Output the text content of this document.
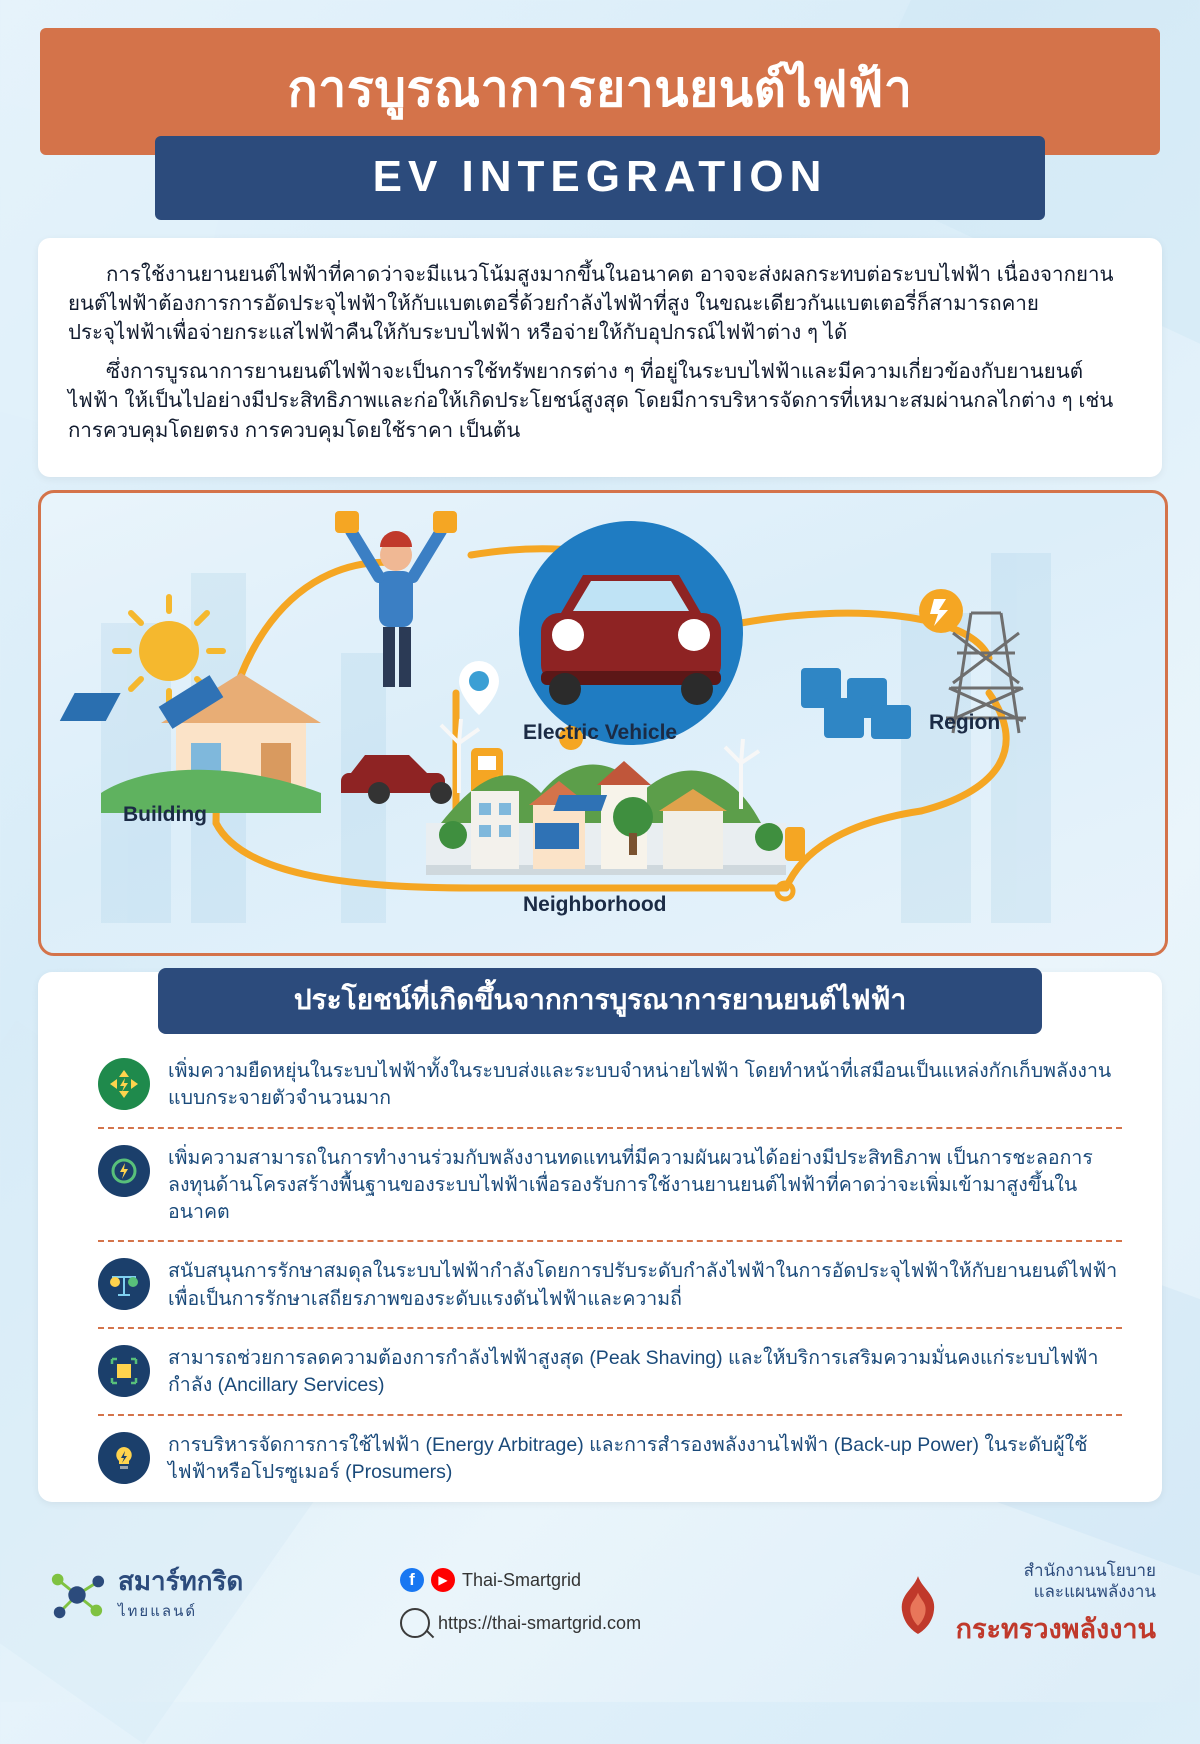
การบูรณาการยานยนต์ไฟฟ้า
EV INTEGRATION

การใช้งานยานยนต์ไฟฟ้าที่คาดว่าจะมีแนวโน้มสูงมากขึ้นในอนาคต อาจจะส่งผลกระทบต่อระบบไฟฟ้า เนื่องจากยานยนต์ไฟฟ้าต้องการการอัดประจุไฟฟ้าให้กับแบตเตอรี่ด้วยกำลังไฟฟ้าที่สูง ในขณะเดียวกันแบตเตอรี่ก็สามารถคายประจุไฟฟ้าเพื่อจ่ายกระแสไฟฟ้าคืนให้กับระบบไฟฟ้า หรือจ่ายให้กับอุปกรณ์ไฟฟ้าต่าง ๆ ได้

ซึ่งการบูรณาการยานยนต์ไฟฟ้าจะเป็นการใช้ทรัพยากรต่าง ๆ ที่อยู่ในระบบไฟฟ้าและมีความเกี่ยวข้องกับยานยนต์ไฟฟ้า ให้เป็นไปอย่างมีประสิทธิภาพและก่อให้เกิดประโยชน์สูงสุด โดยมีการบริหารจัดการที่เหมาะสมผ่านกลไกต่าง ๆ เช่น การควบคุมโดยตรง การควบคุมโดยใช้ราคา เป็นต้น

Electric Vehicle
Building
Region
Neighborhood
ประโยชน์ที่เกิดขึ้นจากการบูรณาการยานยนต์ไฟฟ้า
เพิ่มความยืดหยุ่นในระบบไฟฟ้าทั้งในระบบส่งและระบบจำหน่ายไฟฟ้า โดยทำหน้าที่เสมือนเป็นแหล่งกักเก็บพลังงานแบบกระจายตัวจำนวนมาก
เพิ่มความสามารถในการทำงานร่วมกับพลังงานทดแทนที่มีความผันผวนได้อย่างมีประสิทธิภาพ เป็นการชะลอการลงทุนด้านโครงสร้างพื้นฐานของระบบไฟฟ้าเพื่อรองรับการใช้งานยานยนต์ไฟฟ้าที่คาดว่าจะเพิ่มเข้ามาสูงขึ้นในอนาคต
สนับสนุนการรักษาสมดุลในระบบไฟฟ้ากำลังโดยการปรับระดับกำลังไฟฟ้าในการอัดประจุไฟฟ้าให้กับยานยนต์ไฟฟ้าเพื่อเป็นการรักษาเสถียรภาพของระดับแรงดันไฟฟ้าและความถี่
สามารถช่วยการลดความต้องการกำลังไฟฟ้าสูงสุด (Peak Shaving) และให้บริการเสริมความมั่นคงแก่ระบบไฟฟ้ากำลัง (Ancillary Services)
การบริหารจัดการการใช้ไฟฟ้า (Energy Arbitrage) และการสำรองพลังงานไฟฟ้า (Back-up Power) ในระดับผู้ใช้ไฟฟ้าหรือโปรซูเมอร์ (Prosumers)
สมาร์ทกริด
ไทยแลนด์
f	▶ Thai-Smartgrid
https://thai-smartgrid.com
สำนักงานนโยบาย
และแผนพลังงาน
กระทรวงพลังงาน
